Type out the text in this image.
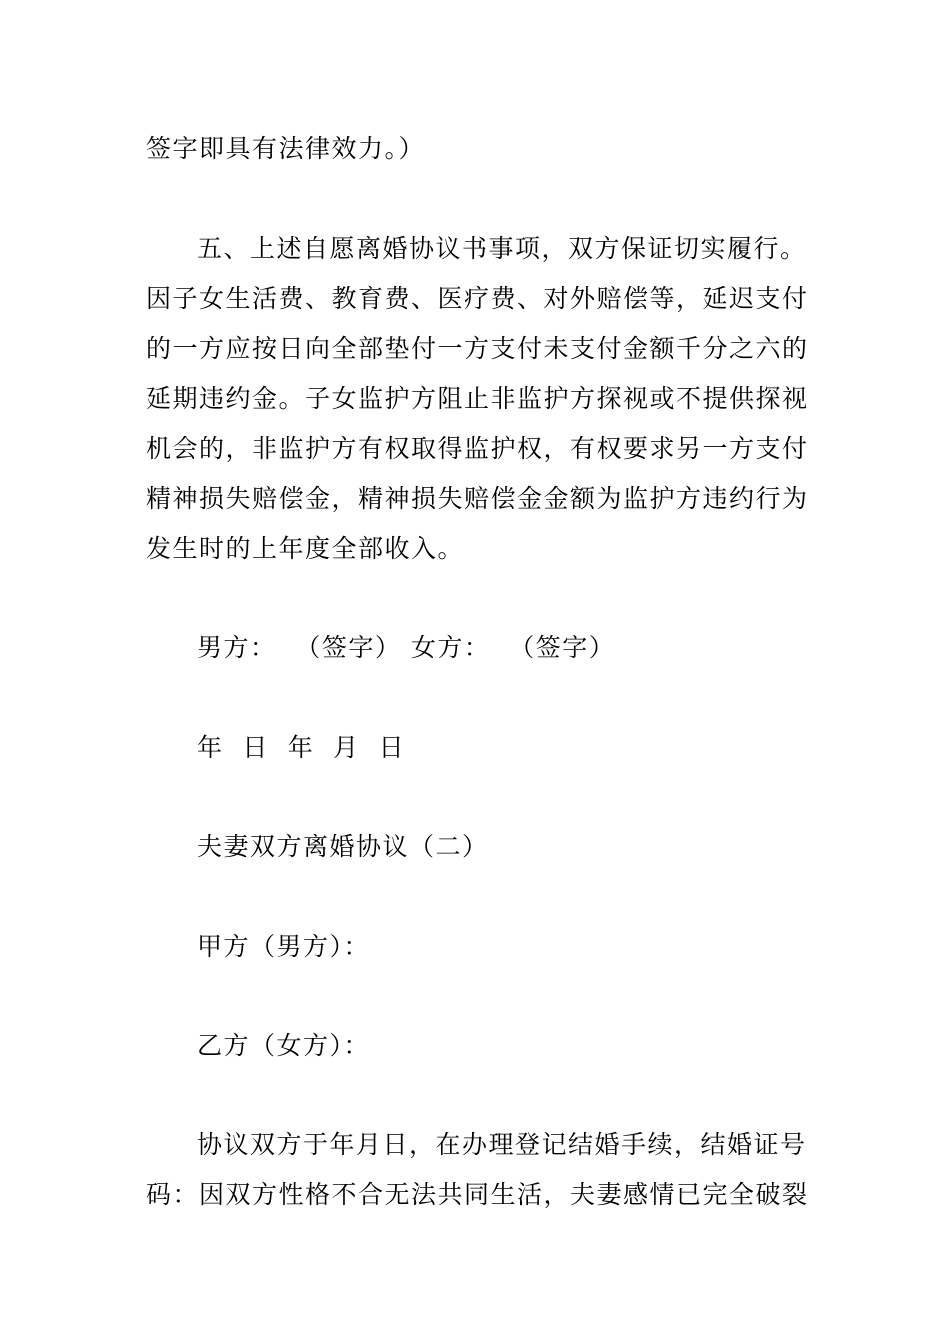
签字即具有法律效力。）
五、上述自愿离婚协议书事项，双方保证切实履行。
因子女生活费、教育费、医疗费、对外赔偿等，延迟支付
的一方应按日向全部垫付一方支付未支付金额千分之六的
延期违约金。子女监护方阻止非监护方探视或不提供探视
机会的，非监护方有权取得监护权，有权要求另一方支付
精神损失赔偿金，精神损失赔偿金金额为监护方违约行为
发生时的上年度全部收入。
男方：  （签字） 女方：  （签字）
年  日  年  月  日
夫妻双方离婚协议（二）
甲方（男方）：
乙方（女方）：
协议双方于年月日，在办理登记结婚手续，结婚证号
码：因双方性格不合无法共同生活，夫妻感情已完全破裂
